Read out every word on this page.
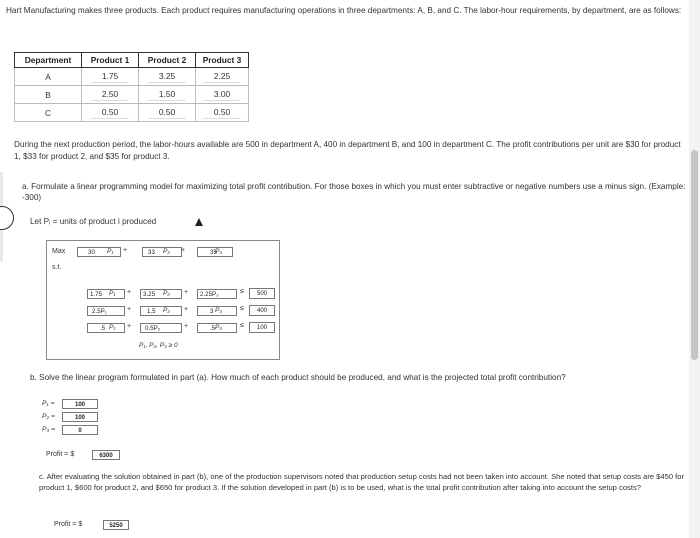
Hart Manufacturing makes three products. Each product requires manufacturing operations in three departments: A, B, and C. The labor-hour requirements, by department, are as follows:
Department	Product 1	Product 2	Product 3
A	1.75	3.25	2.25
B	2.50	1.50	3.00
C	0.50	0.50	0.50
During the next production period, the labor-hours available are 500 in department A, 400 in department B, and 100 in department C. The profit contributions per unit are $30 for product 1, $33 for product 2, and $35 for product 3.
a. Formulate a linear programming model for maximizing total profit contribution. For those boxes in which you must enter subtractive or negative numbers use a minus sign. (Example: -300)
Let Pᵢ = units of product i produced
Max
s.t.
30	P₁ +	33	P₂ +	35
P₃
1.75	P₁ +	3.25	P₂ +	2.25P₃	≤	500
2.5P₁	+	1.5	P₂ +	3 P₃	≤	400
.5 P₁ +	0.5P₂	+	.5 P₃	≤	100
P₁, P₂, P₃ ≥ 0
b. Solve the linear program formulated in part (a). How much of each product should be produced, and what is the projected total profit contribution?
P₁ =	100
P₂ =	100
P₃ =	0
Profit = $	6300
c. After evaluating the solution obtained in part (b), one of the production supervisors noted that production setup costs had not been taken into account. She noted that setup costs are $450 for product 1, $600 for product 2, and $650 for product 3. If the solution developed in part (b) is to be used, what is the total profit contribution after taking into account the setup costs?
Profit = $	5250
